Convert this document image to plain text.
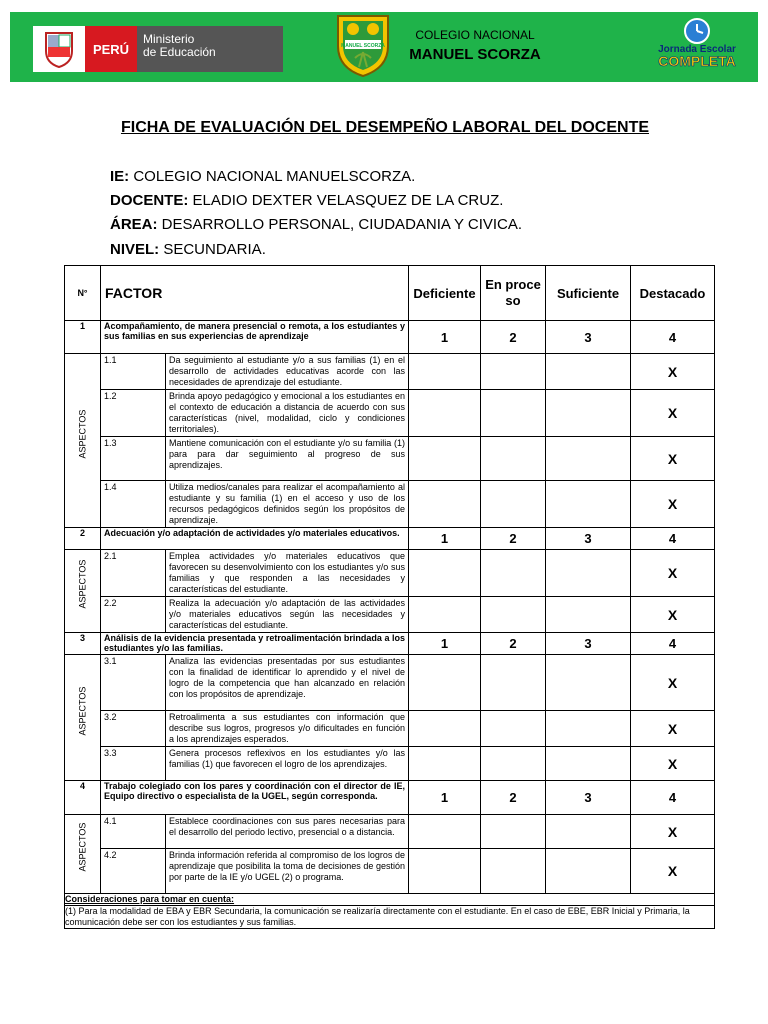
PERÚ
Ministerio
de Educación	MANUEL SCORZA
COLEGIO NACIONAL
MANUEL SCORZA	Jornada Escolar
COMPLETA
FICHA DE EVALUACIÓN DEL DESEMPEÑO LABORAL DEL DOCENTE
IE: COLEGIO NACIONAL MANUELSCORZA.
DOCENTE: ELADIO DEXTER VELASQUEZ DE LA CRUZ.
ÁREA: DESARROLLO PERSONAL, CIUDADANIA Y CIVICA.
NIVEL: SECUNDARIA.
N°	FACTOR		Deficiente	En proce so	Suficiente	Destacado
1	Acompañamiento, de manera presencial o remota, a los estudiantes y sus familias en sus experiencias de aprendizaje		1	2	3	4

ASPECTOS	1.1	Da seguimiento al estudiante y/o a sus familias (1) en el desarrollo de actividades educativas acorde con las necesidades de aprendizaje del estudiante.				X
	1.2	Brinda apoyo pedagógico y emocional a los estudiantes en el contexto de educación a distancia de acuerdo con sus características (nivel, modalidad, ciclo y condiciones territoriales).				X
	1.3	Mantiene comunicación con el estudiante y/o su familia (1) para para dar seguimiento al progreso de sus aprendizajes.				X
	1.4	Utiliza medios/canales para realizar el acompañamiento al estudiante y su familia (1) en el acceso y uso de los recursos pedagógicos definidos según los propósitos de aprendizaje.				X
2	Adecuación y/o adaptación de actividades y/o materiales educativos.		1	2	3	4

ASPECTOS	2.1	Emplea actividades y/o materiales educativos que favorecen su desenvolvimiento con los estudiantes y/o sus familias y que responden a las necesidades y características del estudiante.				X
	2.2	Realiza la adecuación y/o adaptación de las actividades y/o materiales educativos según las necesidades y características del estudiante.				X
3	Análisis de la evidencia presentada y retroalimentación brindada a los estudiantes y/o las familias.		1	2	3	4

ASPECTOS	3.1	Analiza las evidencias presentadas por sus estudiantes con la finalidad de identificar lo aprendido y el nivel de logro de la competencia que han alcanzado en relación con los propósitos de aprendizaje.				X
	3.2	Retroalimenta a sus estudiantes con información que describe sus logros, progresos y/o dificultades en función a los aprendizajes esperados.				X
	3.3	Genera procesos reflexivos en los estudiantes y/o las familias (1) que favorecen el logro de los aprendizajes.				X
4	Trabajo colegiado con los pares y coordinación con el director de IE, Equipo directivo o especialista de la UGEL, según corresponda.		1	2	3	4

ASPECTOS	4.1	Establece coordinaciones con sus pares necesarias para el desarrollo del periodo lectivo, presencial o a distancia.				X
	4.2	Brinda información referida al compromiso de los logros de aprendizaje que posibilita la toma de decisiones de gestión por parte de la IE y/o UGEL (2) o programa.				X
Consideraciones para tomar en cuenta:						
(1) Para la modalidad de EBA y EBR Secundaria, la comunicación se realizaría directamente con el estudiante. En el caso de EBE, EBR Inicial y Primaria, la comunicación debe ser con los estudiantes y sus familias.						
